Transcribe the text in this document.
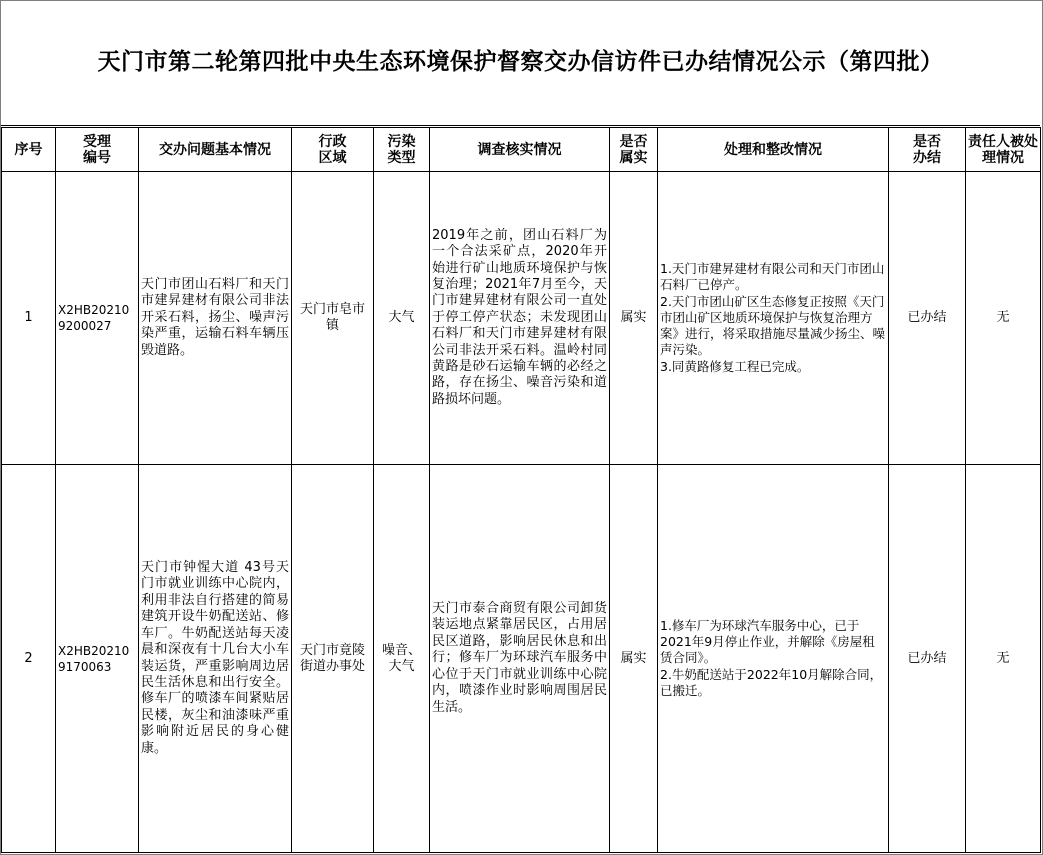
天门市第二轮第四批中央生态环境保护督察交办信访件已办结情况公示（第四批）
序号	受理编号	交办问题基本情况	行政区域	污染类型	调查核实情况	是否属实	处理和整改情况	是否办结	责任人被处理情况
1	X2HB202109200027	天门市团山石料厂和天门市建昇建材有限公司非法开采石料，扬尘、噪声污染严重，运输石料车辆压毁道路。	天门市皂市镇	大气	2019年之前，团山石料厂为一个合法采矿点，2020年开始进行矿山地质环境保护与恢复治理；2021年7月至今，天门市建昇建材有限公司一直处于停工停产状态；未发现团山石料厂和天门市建昇建材有限公司非法开采石料。温岭村同黄路是砂石运输车辆的必经之路，存在扬尘、噪音污染和道路损坏问题。	属实	1.天门市建昇建材有限公司和天门市团山石料厂已停产。
2.天门市团山矿区生态修复正按照《天门市团山矿区地质环境保护与恢复治理方案》进行，将采取措施尽量减少扬尘、噪声污染。
3.同黄路修复工程已完成。	已办结	无
2	X2HB202109170063	天门市钟惺大道 43号天门市就业训练中心院内，利用非法自行搭建的简易建筑开设牛奶配送站、修车厂。牛奶配送站每天凌晨和深夜有十几台大小车装运货，严重影响周边居民生活休息和出行安全。修车厂的喷漆车间紧贴居民楼，灰尘和油漆味严重影响附近居民的身心健康。	天门市竟陵街道办事处	噪音、大气	天门市泰合商贸有限公司卸货装运地点紧靠居民区，占用居民区道路，影响居民休息和出行；修车厂为环球汽车服务中心位于天门市就业训练中心院内，喷漆作业时影响周围居民生活。	属实	1.修车厂为环球汽车服务中心，已于2021年9月停止作业，并解除《房屋租赁合同》。
2.牛奶配送站于2022年10月解除合同，已搬迁。	已办结	无
